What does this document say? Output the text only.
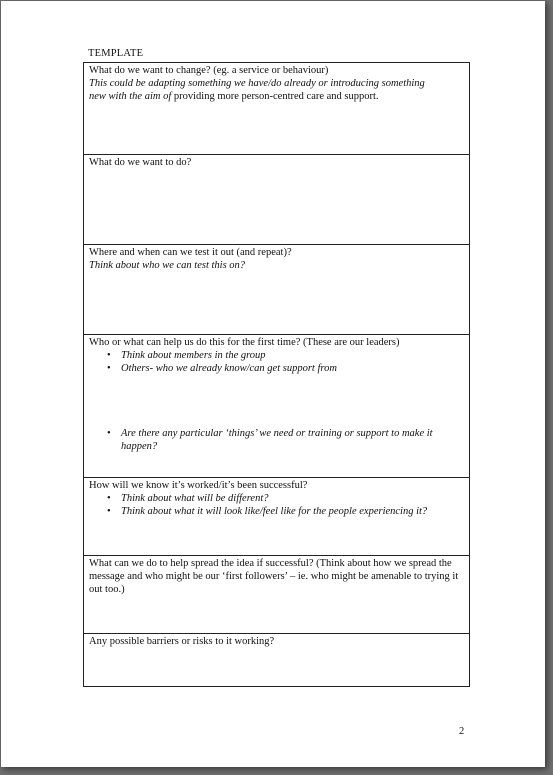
TEMPLATE
What do we want to change? (eg. a service or behaviour)
This could be adapting something we have/do already or introducing something
new with the aim of providing more person-centred care and support.
What do we want to do?
Where and when can we test it out (and repeat)?
Think about who we can test this on?
Who or what can help us do this for the first time? (These are our leaders)
• Think about members in the group
• Others- who we already know/can get support from
• Are there any particular ‘things’ we need or training or support to make it happen?
How will we know it’s worked/it’s been successful?
• Think about what will be different?
• Think about what it will look like/feel like for the people experiencing it?
What can we do to help spread the idea if successful? (Think about how we spread the message and who might be our ‘first followers’ – ie. who might be amenable to trying it out too.)
Any possible barriers or risks to it working?
2
